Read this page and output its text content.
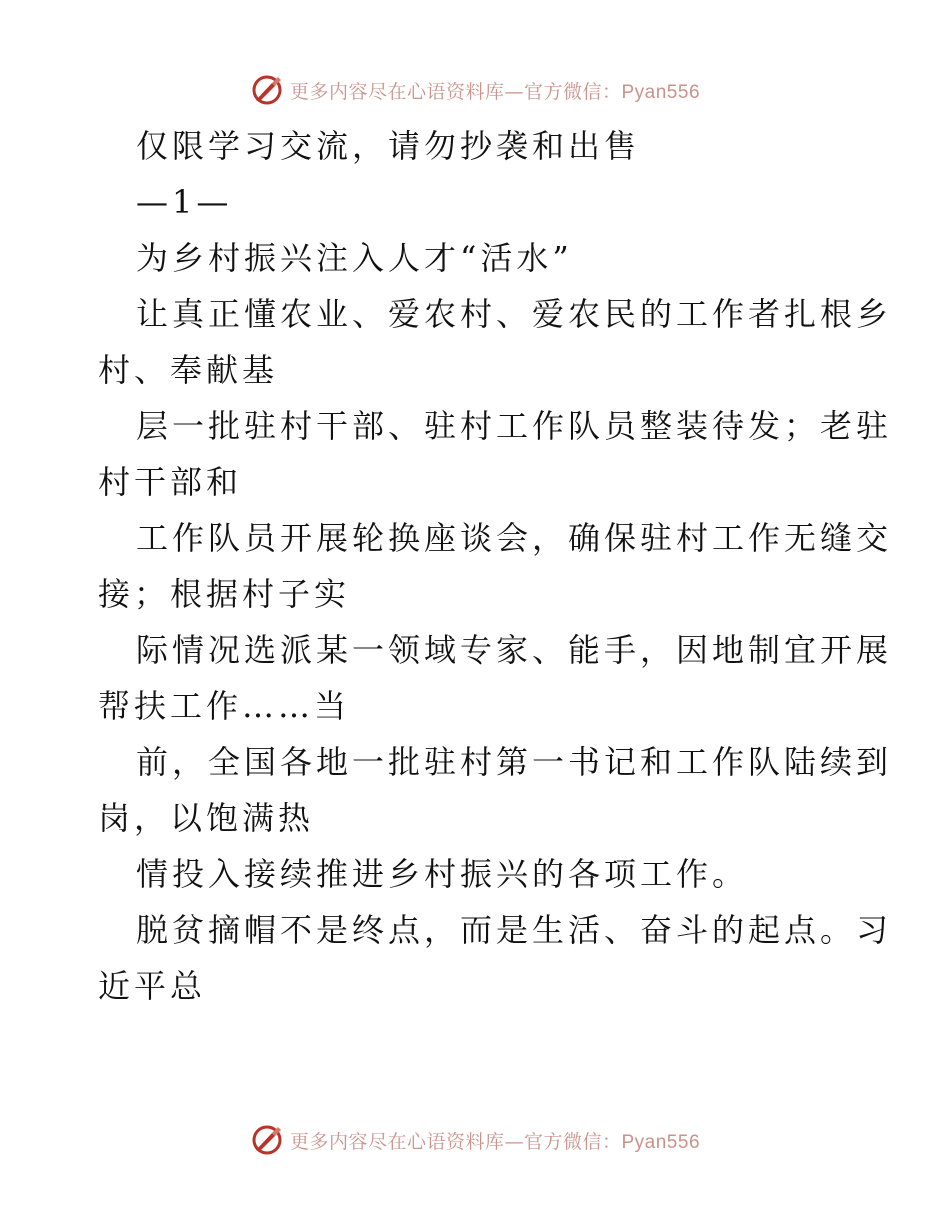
更多内容尽在心语资料库—官方微信：Pyan556

仅限学习交流，请勿抄袭和出售

—1—

为乡村振兴注入人才“活水”

让真正懂农业、爱农村、爱农民的工作者扎根乡

村、奉献基

层一批驻村干部、驻村工作队员整装待发；老驻

村干部和

工作队员开展轮换座谈会，确保驻村工作无缝交

接；根据村子实

际情况选派某一领域专家、能手，因地制宜开展

帮扶工作……当

前，全国各地一批驻村第一书记和工作队陆续到

岗，以饱满热

情投入接续推进乡村振兴的各项工作。

脱贫摘帽不是终点，而是生活、奋斗的起点。习

近平总

更多内容尽在心语资料库—官方微信：Pyan556
